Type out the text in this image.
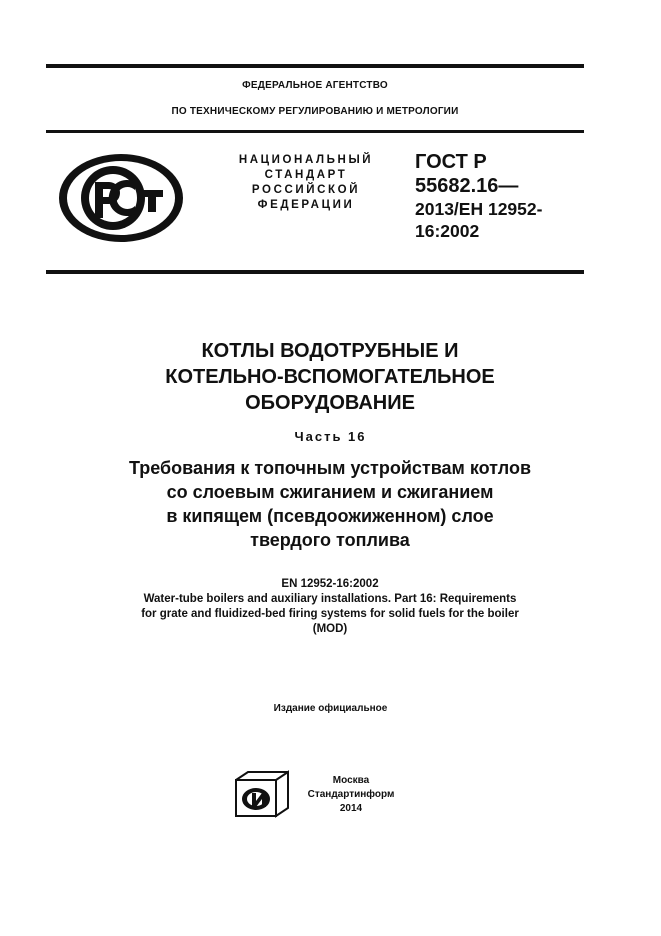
ФЕДЕРАЛЬНОЕ АГЕНТСТВО
ПО ТЕХНИЧЕСКОМУ РЕГУЛИРОВАНИЮ И МЕТРОЛОГИИ
НАЦИОНАЛЬНЫЙ
СТАНДАРТ
РОССИЙСКОЙ
ФЕДЕРАЦИИ
ГОСТ Р
55682.16—
2013/ЕН 12952-
16:2002
КОТЛЫ ВОДОТРУБНЫЕ И
КОТЕЛЬНО-ВСПОМОГАТЕЛЬНОЕ
ОБОРУДОВАНИЕ
Часть 16
Требования к топочным устройствам котлов
со слоевым сжиганием и сжиганием
в кипящем (псевдоожиженном) слое
твердого топлива
EN 12952-16:2002
Water-tube boilers and auxiliary installations. Part 16: Requirements
for grate and fluidized-bed firing systems for solid fuels for the boiler
(MOD)
Издание официальное
Москва
Стандартинформ
2014
